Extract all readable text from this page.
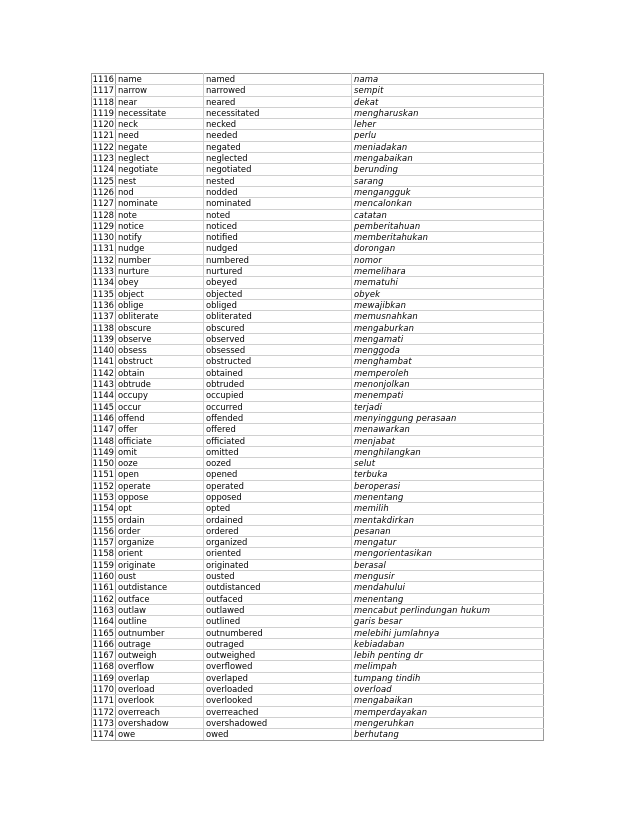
1116	name	named	nama
1117	narrow	narrowed	sempit
1118	near	neared	dekat
1119	necessitate	necessitated	mengharuskan
1120	neck	necked	leher
1121	need	needed	perlu
1122	negate	negated	meniadakan
1123	neglect	neglected	mengabaikan
1124	negotiate	negotiated	berunding
1125	nest	nested	sarang
1126	nod	nodded	mengangguk
1127	nominate	nominated	mencalonkan
1128	note	noted	catatan
1129	notice	noticed	pemberitahuan
1130	notify	notified	memberitahukan
1131	nudge	nudged	dorongan
1132	number	numbered	nomor
1133	nurture	nurtured	memelihara
1134	obey	obeyed	mematuhi
1135	object	objected	obyek
1136	oblige	obliged	mewajibkan
1137	obliterate	obliterated	memusnahkan
1138	obscure	obscured	mengaburkan
1139	observe	observed	mengamati
1140	obsess	obsessed	menggoda
1141	obstruct	obstructed	menghambat
1142	obtain	obtained	memperoleh
1143	obtrude	obtruded	menonjolkan
1144	occupy	occupied	menempati
1145	occur	occurred	terjadi
1146	offend	offended	menyinggung perasaan
1147	offer	offered	menawarkan
1148	officiate	officiated	menjabat
1149	omit	omitted	menghilangkan
1150	ooze	oozed	selut
1151	open	opened	terbuka
1152	operate	operated	beroperasi
1153	oppose	opposed	menentang
1154	opt	opted	memilih
1155	ordain	ordained	mentakdirkan
1156	order	ordered	pesanan
1157	organize	organized	mengatur
1158	orient	oriented	mengorientasikan
1159	originate	originated	berasal
1160	oust	ousted	mengusir
1161	outdistance	outdistanced	mendahului
1162	outface	outfaced	menentang
1163	outlaw	outlawed	mencabut perlindungan hukum
1164	outline	outlined	garis besar
1165	outnumber	outnumbered	melebihi jumlahnya
1166	outrage	outraged	kebiadaban
1167	outweigh	outweighed	lebih penting dr
1168	overflow	overflowed	melimpah
1169	overlap	overlaped	tumpang tindih
1170	overload	overloaded	overload
1171	overlook	overlooked	mengabaikan
1172	overreach	overreached	memperdayakan
1173	overshadow	overshadowed	mengeruhkan
1174	owe	owed	berhutang
